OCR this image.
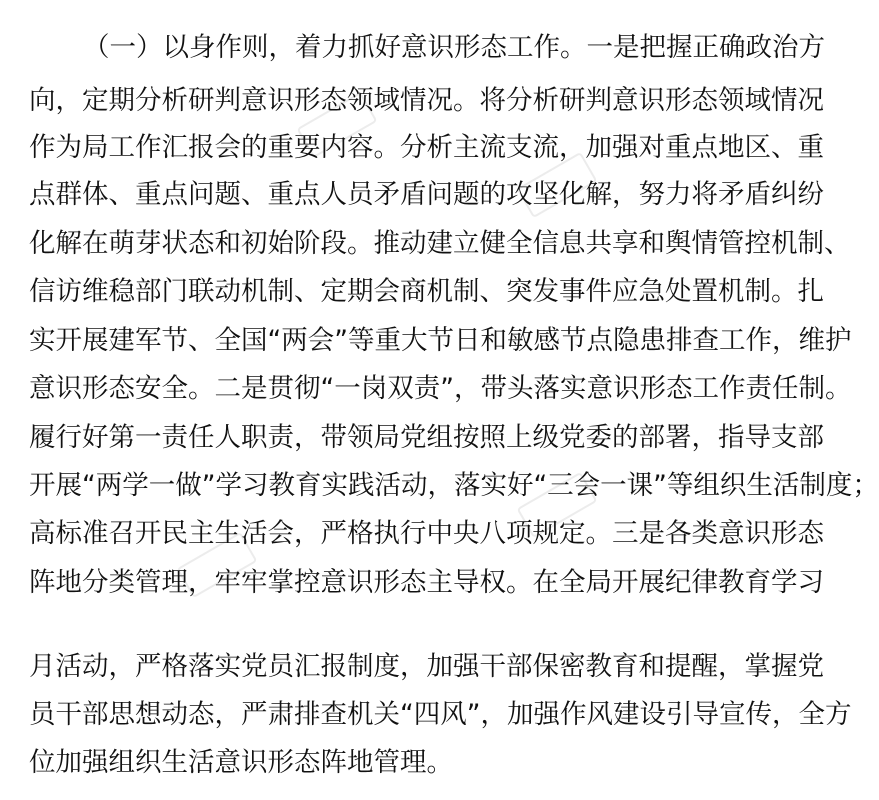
（一）以身作则，着力抓好意识形态工作。一是把握正确政治方
向，定期分析研判意识形态领域情况。将分析研判意识形态领域情况
作为局工作汇报会的重要内容。分析主流支流，加强对重点地区、重
点群体、重点问题、重点人员矛盾问题的攻坚化解，努力将矛盾纠纷
化解在萌芽状态和初始阶段。推动建立健全信息共享和舆情管控机制、
信访维稳部门联动机制、定期会商机制、突发事件应急处置机制。扎
实开展建军节、全国“两会”等重大节日和敏感节点隐患排查工作，维护
意识形态安全。二是贯彻“一岗双责”，带头落实意识形态工作责任制。
履行好第一责任人职责，带领局党组按照上级党委的部署，指导支部
开展“两学一做”学习教育实践活动，落实好“三会一课”等组织生活制度；
高标准召开民主生活会，严格执行中央八项规定。三是各类意识形态
阵地分类管理，牢牢掌控意识形态主导权。在全局开展纪律教育学习
月活动，严格落实党员汇报制度，加强干部保密教育和提醒，掌握党
员干部思想动态，严肃排查机关“四风”，加强作风建设引导宣传，全方
位加强组织生活意识形态阵地管理。
